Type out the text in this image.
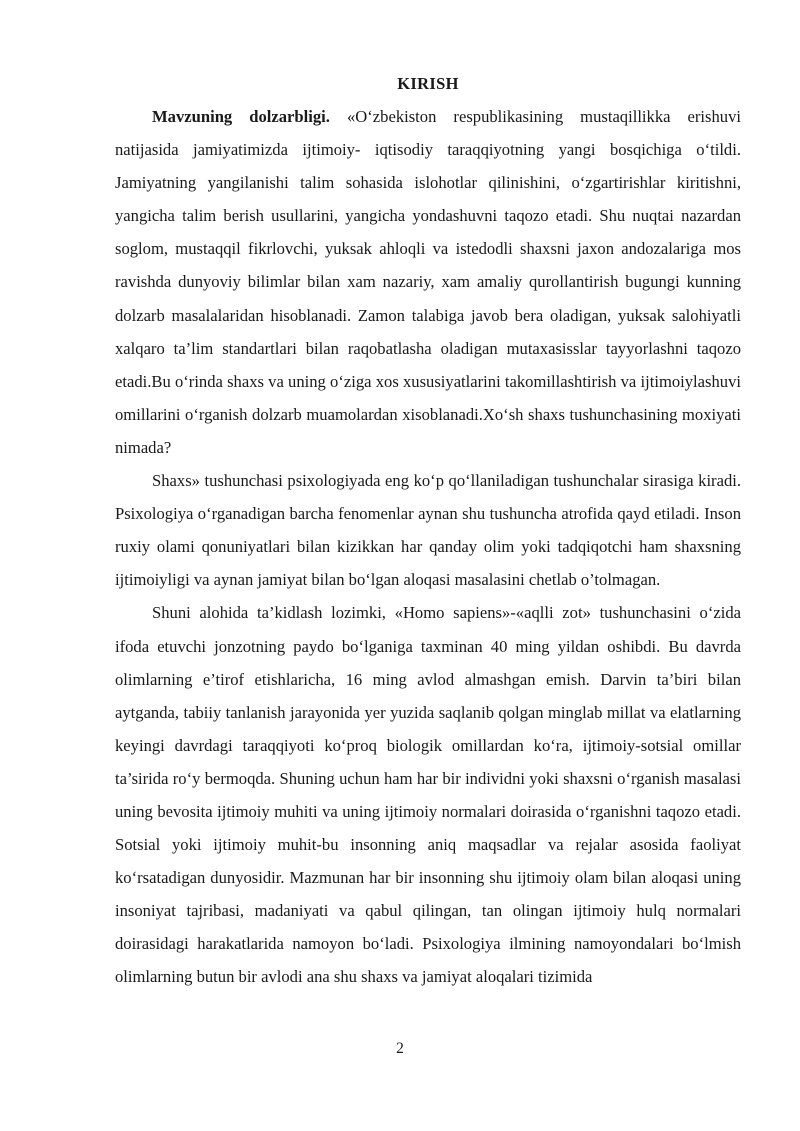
KIRISH

Mavzuning dolzarbligi. «O‘zbekiston respublikasining mustaqillikka erishuvi natijasida jamiyatimizda ijtimoiy- iqtisodiy taraqqiyotning yangi bosqichiga o‘tildi. Jamiyatning yangilanishi talim sohasida islohotlar qilinishini, o‘zgartirishlar kiritishni, yangicha talim berish usullarini, yangicha yondashuvni taqozo etadi. Shu nuqtai nazardan soglom, mustaqqil fikrlovchi, yuksak ahloqli va istedodli shaxsni jaxon andozalariga mos ravishda dunyoviy bilimlar bilan xam nazariy, xam amaliy qurollantirish bugungi kunning dolzarb masalalaridan hisoblanadi. Zamon talabiga javob bera oladigan, yuksak salohiyatli xalqaro ta’lim standartlari bilan raqobatlasha oladigan mutaxasisslar tayyorlashni taqozo etadi.Bu o‘rinda shaxs va uning o‘ziga xos xususiyatlarini takomillashtirish va ijtimoiylashuvi omillarini o‘rganish dolzarb muamolardan xisoblanadi.Xo‘sh shaxs tushunchasining moxiyati nimada?

Shaxs» tushunchasi psixologiyada eng ko‘p qo‘llaniladigan tushunchalar sirasiga kiradi. Psixologiya o‘rganadigan barcha fenomenlar aynan shu tushuncha atrofida qayd etiladi. Inson ruxiy olami qonuniyatlari bilan kizikkan har qanday olim yoki tadqiqotchi ham shaxsning ijtimoiyligi va aynan jamiyat bilan bo‘lgan aloqasi masalasini chetlab o’tolmagan.

Shuni alohida ta’kidlash lozimki, «Homo sapiens»-«aqlli zot» tushunchasini o‘zida ifoda etuvchi jonzotning paydo bo‘lganiga taxminan 40 ming yildan oshibdi. Bu davrda olimlarning e’tirof etishlaricha, 16 ming avlod almashgan emish. Darvin ta’biri bilan aytganda, tabiiy tanlanish jarayonida yer yuzida saqlanib qolgan minglab millat va elatlarning keyingi davrdagi taraqqiyoti ko‘proq biologik omillardan ko‘ra, ijtimoiy-sotsial omillar ta’sirida ro‘y bermoqda. Shuning uchun ham har bir individni yoki shaxsni o‘rganish masalasi uning bevosita ijtimoiy muhiti va uning ijtimoiy normalari doirasida o‘rganishni taqozo etadi. Sotsial yoki ijtimoiy muhit-bu insonning aniq maqsadlar va rejalar asosida faoliyat ko‘rsatadigan dunyosidir. Mazmunan har bir insonning shu ijtimoiy olam bilan aloqasi uning insoniyat tajribasi, madaniyati va qabul qilingan, tan olingan ijtimoiy hulq normalari doirasidagi harakatlarida namoyon bo‘ladi. Psixologiya ilmining namoyondalari bo‘lmish olimlarning butun bir avlodi ana shu shaxs va jamiyat aloqalari tizimida

2
